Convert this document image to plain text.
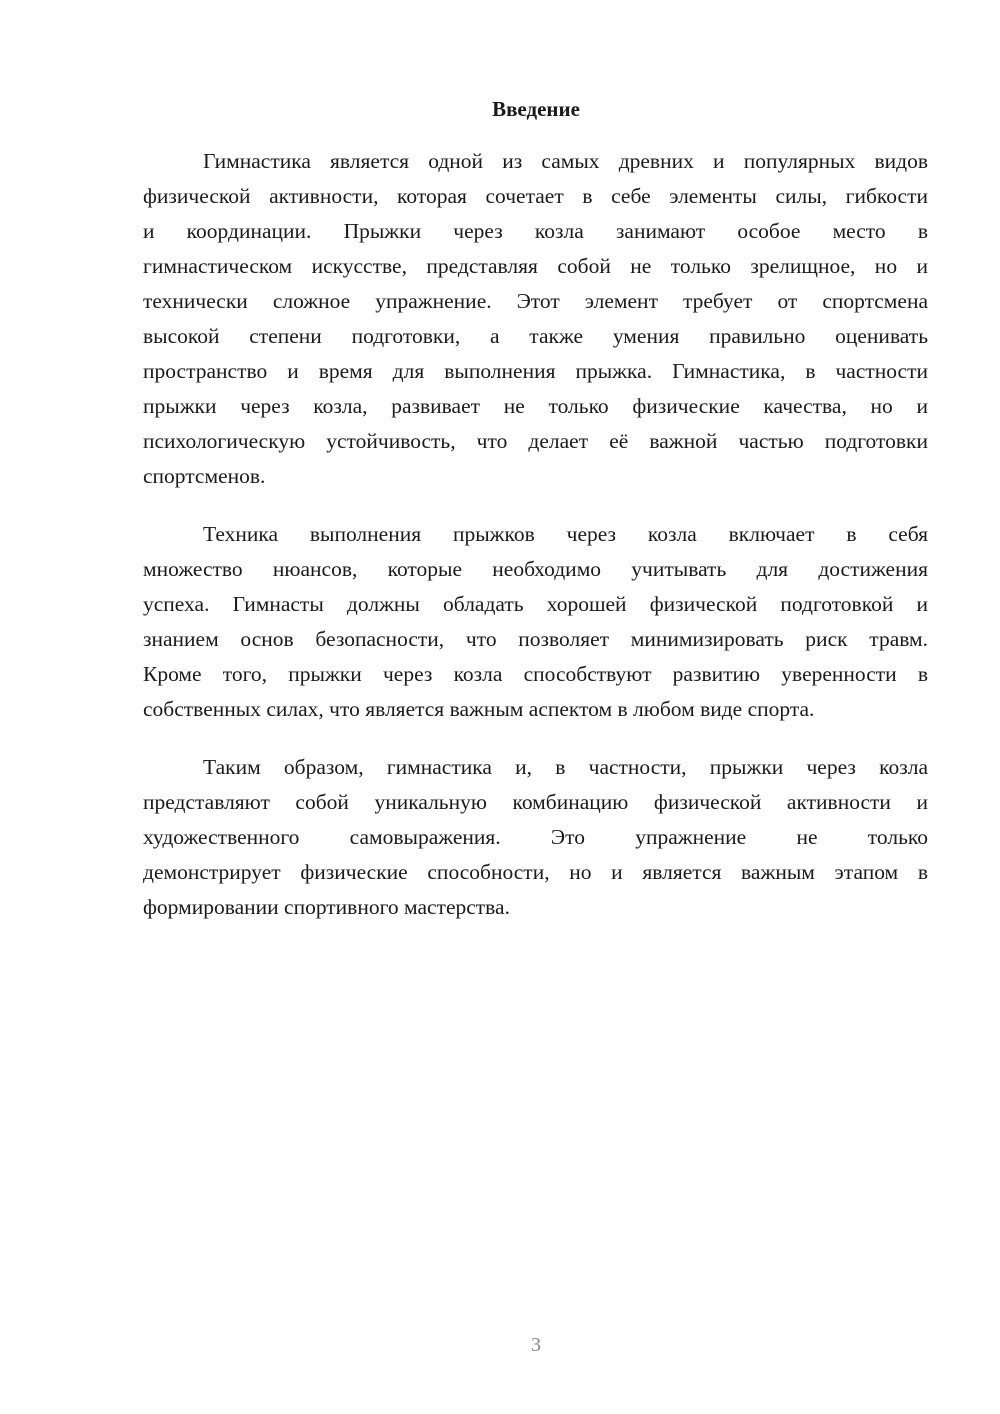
Введение
Гимнастика является одной из самых древних и популярных видов
физической активности, которая сочетает в себе элементы силы, гибкости
и координации. Прыжки через козла занимают особое место в
гимнастическом искусстве, представляя собой не только зрелищное, но и
технически сложное упражнение. Этот элемент требует от спортсмена
высокой степени подготовки, а также умения правильно оценивать
пространство и время для выполнения прыжка. Гимнастика, в частности
прыжки через козла, развивает не только физические качества, но и
психологическую устойчивость, что делает её важной частью подготовки
спортсменов.
Техника выполнения прыжков через козла включает в себя
множество нюансов, которые необходимо учитывать для достижения
успеха. Гимнасты должны обладать хорошей физической подготовкой и
знанием основ безопасности, что позволяет минимизировать риск травм.
Кроме того, прыжки через козла способствуют развитию уверенности в
собственных силах, что является важным аспектом в любом виде спорта.
Таким образом, гимнастика и, в частности, прыжки через козла
представляют собой уникальную комбинацию физической активности и
художественного самовыражения. Это упражнение не только
демонстрирует физические способности, но и является важным этапом в
формировании спортивного мастерства.
3
